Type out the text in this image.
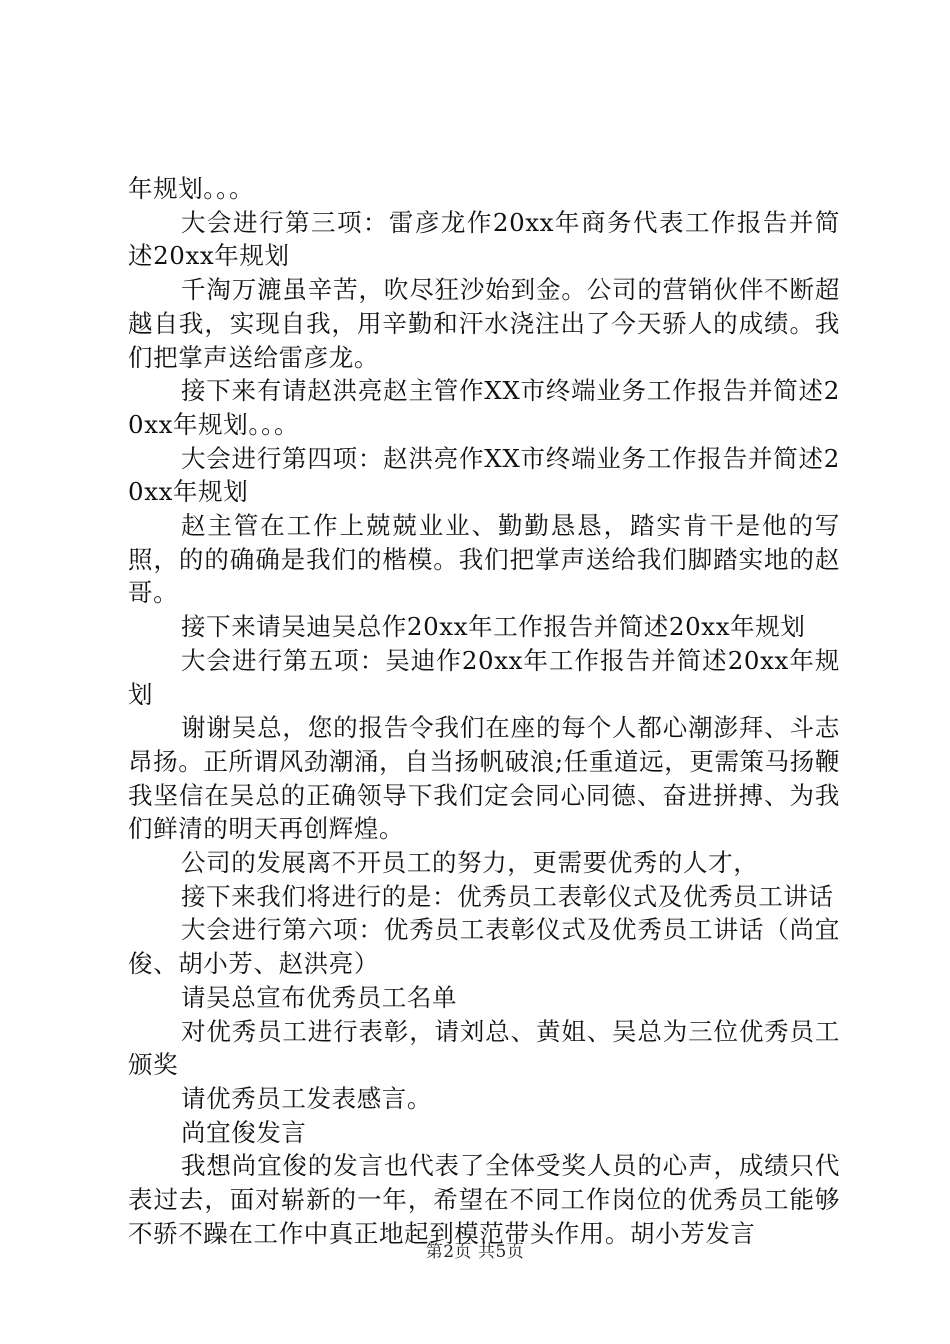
年规划。。。

大会进行第三项：雷彦龙作20xx年商务代表工作报告并简述20xx年规划

千淘万漉虽辛苦，吹尽狂沙始到金。公司的营销伙伴不断超越自我，实现自我，用辛勤和汗水浇注出了今天骄人的成绩。我们把掌声送给雷彦龙。

接下来有请赵洪亮赵主管作XX市终端业务工作报告并简述20xx年规划。。。

大会进行第四项：赵洪亮作XX市终端业务工作报告并简述20xx年规划

赵主管在工作上兢兢业业、勤勤恳恳，踏实肯干是他的写照，的的确确是我们的楷模。我们把掌声送给我们脚踏实地的赵哥。

接下来请吴迪吴总作20xx年工作报告并简述20xx年规划

大会进行第五项：吴迪作20xx年工作报告并简述20xx年规划

谢谢吴总，您的报告令我们在座的每个人都心潮澎拜、斗志昂扬。正所谓风劲潮涌，自当扬帆破浪;任重道远，更需策马扬鞭我坚信在吴总的正确领导下我们定会同心同德、奋进拼搏、为我们鲜清的明天再创辉煌。

公司的发展离不开员工的努力，更需要优秀的人才，

接下来我们将进行的是：优秀员工表彰仪式及优秀员工讲话

大会进行第六项：优秀员工表彰仪式及优秀员工讲话（尚宜俊、胡小芳、赵洪亮）

请吴总宣布优秀员工名单

对优秀员工进行表彰，请刘总、黄姐、吴总为三位优秀员工颁奖

请优秀员工发表感言。

尚宜俊发言

我想尚宜俊的发言也代表了全体受奖人员的心声，成绩只代表过去，面对崭新的一年，希望在不同工作岗位的优秀员工能够不骄不躁在工作中真正地起到模范带头作用。胡小芳发言

第2页 共5页
